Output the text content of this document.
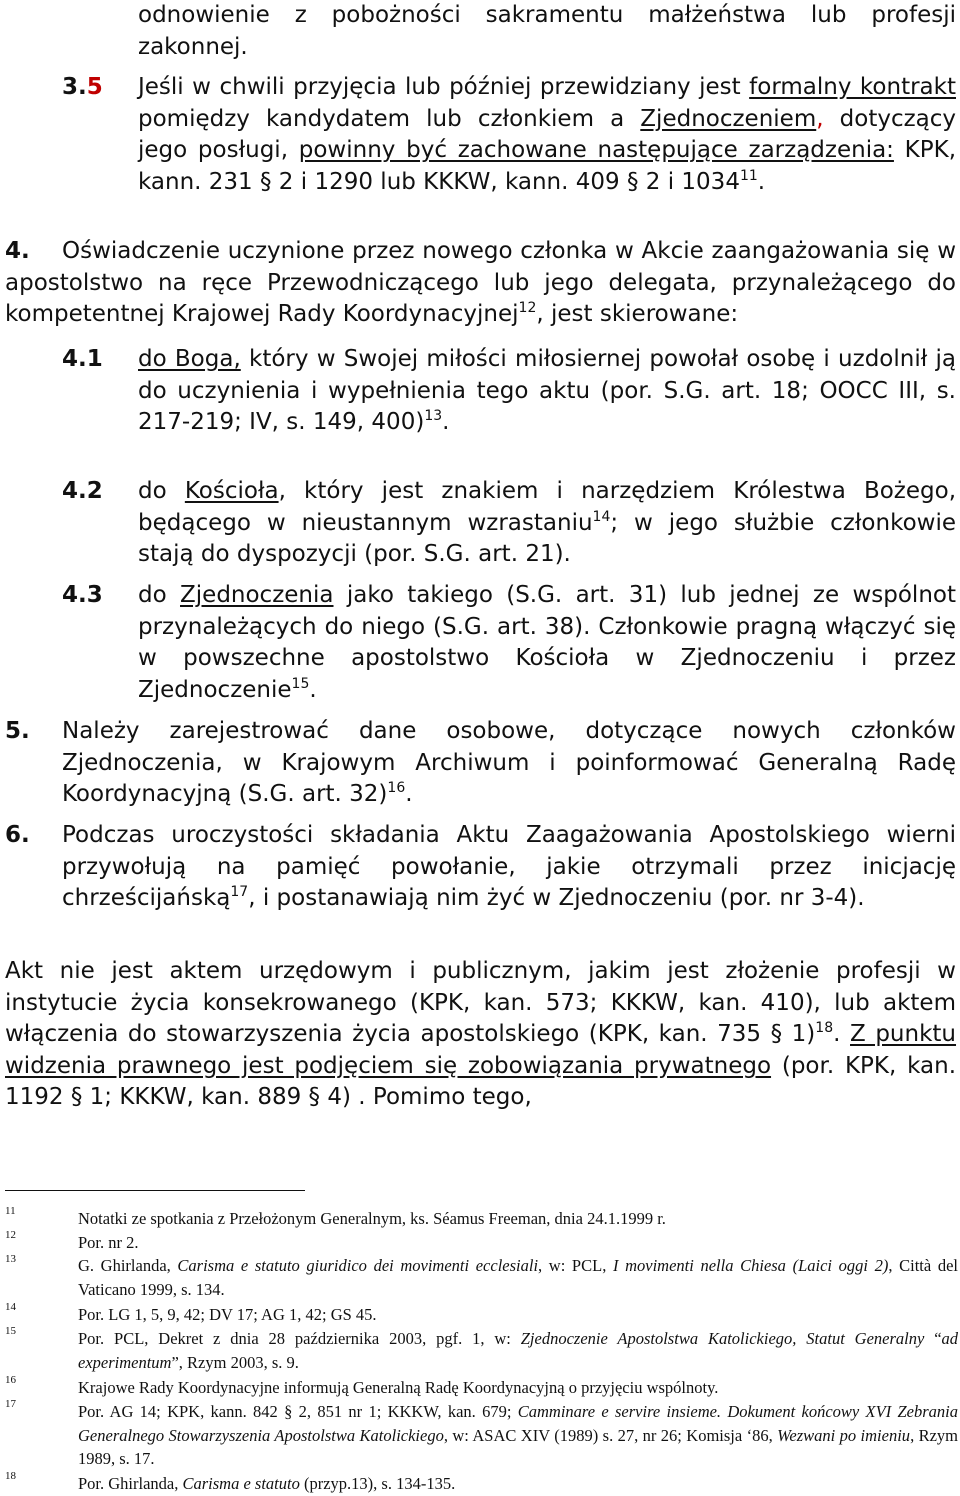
odnowienie z pobożności sakramentu małżeństwa lub profesji
zakonnej.
3.5 Jeśli w chwili przyjęcia lub później przewidziany jest formalny kontrakt pomiędzy kandydatem lub członkiem a Zjednoczeniem, dotyczący jego posługi, powinny być zachowane następujące zarządzenia: KPK, kann. 231 § 2 i 1290 lub KKKW, kann. 409 § 2 i 1034$^{11}$.
4. Oświadczenie uczynione przez nowego członka w Akcie zaangażowania się w apostolstwo na ręce Przewodniczącego lub jego delegata, przynależącego do kompetentnej Krajowej Rady Koordynacyjnej$^{12}$, jest skierowane:
4.1 do Boga, który w Swojej miłości miłosiernej powołał osobę i uzdolnił ją do uczynienia i wypełnienia tego aktu (por. S.G. art. 18; OOCC III, s. 217-219; IV, s. 149, 400)$^{13}$.
4.2 do Kościoła, który jest znakiem i narzędziem Królestwa Bożego, będącego w nieustannym wzrastaniu$^{14}$; w jego służbie członkowie stają do dyspozycji (por. S.G. art. 21).
4.3 do Zjednoczenia jako takiego (S.G. art. 31) lub jednej ze wspólnot przynależących do niego (S.G. art. 38). Członkowie pragną włączyć się w powszechne apostolstwo Kościoła w Zjednoczeniu i przez Zjednoczenie$^{15}$.
5. Należy zarejestrować dane osobowe, dotyczące nowych członków Zjednoczenia, w Krajowym Archiwum i poinformować Generalną Radę Koordynacyjną (S.G. art. 32)$^{16}$.
6. Podczas uroczystości składania Aktu Zaagażowania Apostolskiego wierni przywołują na pamięć powołanie, jakie otrzymali przez inicjację chrześcijańską$^{17}$, i postanawiają nim żyć w Zjednoczeniu (por. nr 3-4).
Akt nie jest aktem urzędowym i publicznym, jakim jest złożenie profesji w instytucie życia konsekrowanego (KPK, kan. 573; KKKW, kan. 410), lub aktem włączenia do stowarzyszenia życia apostolskiego (KPK, kan. 735 § 1)$^{18}$. Z punktu widzenia prawnego jest podjęciem się zobowiązania prywatnego (por. KPK, kan. 1192 § 1; KKKW, kan. 889 § 4) . Pomimo tego,
11	Notatki ze spotkania z Przełożonym Generalnym, ks. Séamus Freeman, dnia 24.1.1999 r.
12	Por. nr 2.
13	G. Ghirlanda, Carisma e statuto giuridico dei movimenti ecclesiali, w: PCL, I movimenti nella Chiesa (Laici oggi 2), Città del Vaticano 1999, s. 134.
14	Por. LG 1, 5, 9, 42; DV 17; AG 1, 42; GS 45.
15	Por. PCL, Dekret z dnia 28 października 2003, pgf. 1, w: Zjednoczenie Apostolstwa Katolickiego, Statut Generalny “ad experimentum”, Rzym 2003, s. 9.
16	Krajowe Rady Koordynacyjne informują Generalną Radę Koordynacyjną o przyjęciu wspólnoty.
17	Por. AG 14; KPK, kann. 842 § 2, 851 nr 1; KKKW, kan. 679; Camminare e servire insieme. Dokument końcowy XVI Zebrania Generalnego Stowarzyszenia Apostolstwa Katolickiego, w: ASAC XIV (1989) s. 27, nr 26; Komisja ‘86, Wezwani po imieniu, Rzym 1989, s. 17.
18	Por. Ghirlanda, Carisma e statuto (przyp.13), s. 134-135.
